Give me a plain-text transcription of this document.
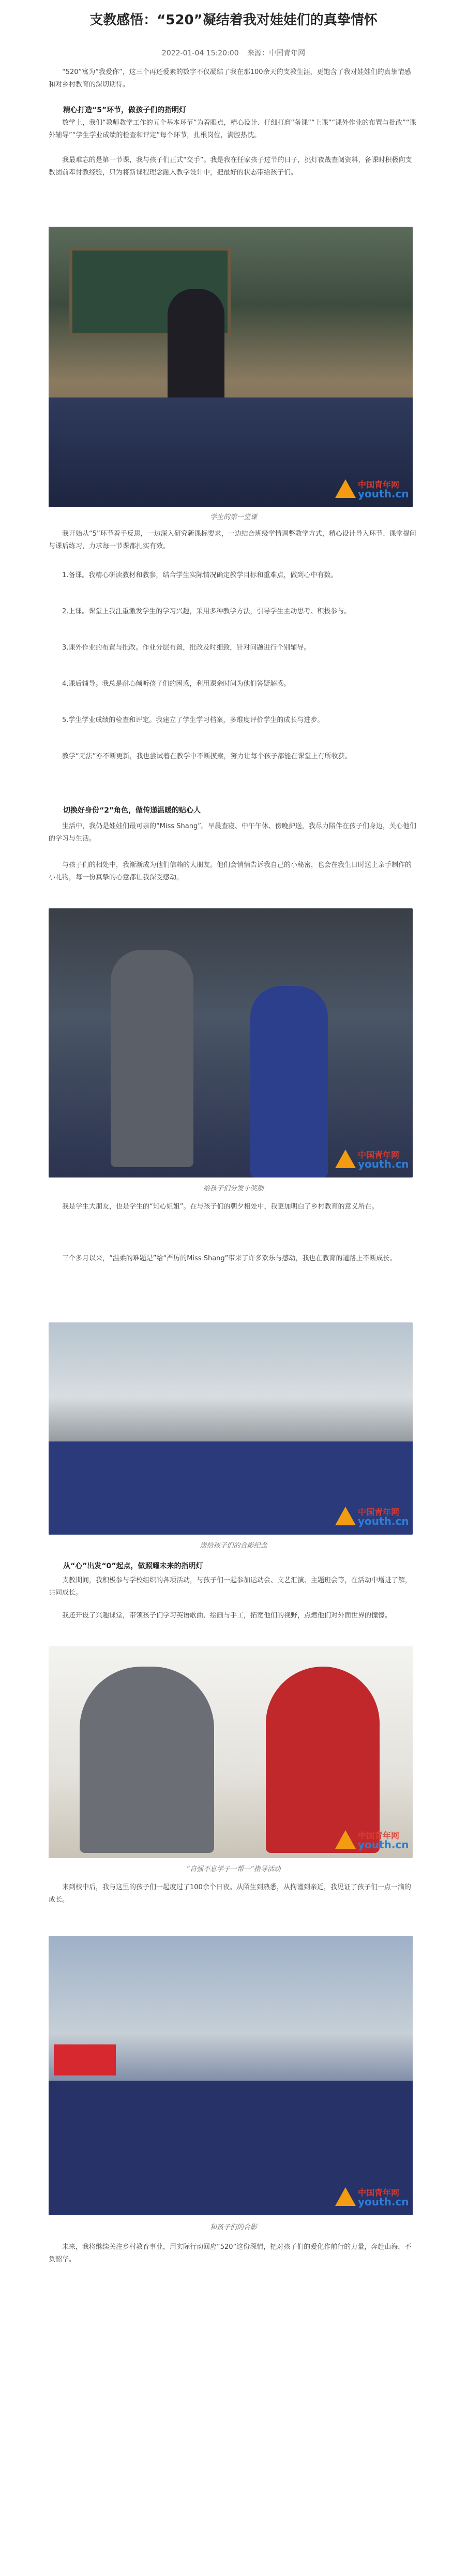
支教感悟：“520”凝结着我对娃娃们的真挚情怀
2022-01-04 15:20:00 来源：中国青年网
“520”寓为“我爱你”，这三个再还爱素的数字不仅凝结了我在那100余天的支教生涯，更饱含了我对娃娃们的真挚情感和对乡村教育的深切期待。
精心打造“5”环节，做孩子们的指明灯
数学上，我们“教师教学工作的五个基本环节”为着眼点，精心设计、仔细打磨“备课”“上课”“课外作业的布置与批改”“课外辅导”“学生学业成绩的检查和评定”每个环节，扎根岗位，满腔热忱。
我最难忘的是第一节课，我与孩子们正式“交手”。我是我在任家孩子过节的日子，挑灯夜战查阅资料，备课时积极向支教团前辈讨教经验，只为将新课程理念融入教学设计中，把最好的状态带给孩子们。
中国青年网
youth.cn
学生的第一堂课
我开始从“5”环节着手反思，一边深入研究新课标要求，一边结合班级学情调整教学方式，精心设计导入环节、课堂提问与课后练习，力求每一节课都扎实有效。
1.备课。我精心研读教材和教参，结合学生实际情况确定教学目标和重难点，做到心中有数。
2.上课。课堂上我注重激发学生的学习兴趣，采用多种教学方法，引导学生主动思考、积极参与。
3.课外作业的布置与批改。作业分层布置，批改及时细致，针对问题进行个别辅导。
4.课后辅导。我总是耐心倾听孩子们的困惑，利用课余时间为他们答疑解惑。
5.学生学业成绩的检查和评定。我建立了学生学习档案，多维度评价学生的成长与进步。
教学“无法”亦不断更新，我也尝试着在教学中不断摸索，努力让每个孩子都能在课堂上有所收获。
切换好身份“2”角色，做传递温暖的贴心人
生活中，我仍是娃娃们最可亲的“Miss Shang”。早晨查寝、中午午休、傍晚护送，我尽力陪伴在孩子们身边，关心他们的学习与生活。
与孩子们的相处中，我渐渐成为他们信赖的大朋友。他们会悄悄告诉我自己的小秘密，也会在我生日时送上亲手制作的小礼物，每一份真挚的心意都让我深受感动。
中国青年网
youth.cn
给孩子们分发小奖励
我是学生大朋友，也是学生的“知心姐姐”。在与孩子们的朝夕相处中，我更加明白了乡村教育的意义所在。
三个多月以来，“温柔的难题是”给“严厉的Miss Shang”带来了许多欢乐与感动，我也在教育的道路上不断成长。
中国青年网
youth.cn
送给孩子们的合影纪念
从“心”出发“0”起点，做照耀未来的指明灯
支教期间，我积极参与学校组织的各项活动，与孩子们一起参加运动会、文艺汇演、主题班会等，在活动中增进了解，共同成长。
我还开设了兴趣课堂，带领孩子们学习英语歌曲、绘画与手工，拓宽他们的视野，点燃他们对外面世界的憧憬。
中国青年网
youth.cn
“自强不息学子一帮一”指导活动
来到校中后，我与这里的孩子们一起度过了100余个日夜。从陌生到熟悉，从拘谨到亲近，我见证了孩子们一点一滴的成长。
中国青年网
youth.cn
和孩子们的合影
未来，我将继续关注乡村教育事业，用实际行动回应“520”这份深情，把对孩子们的爱化作前行的力量，奔赴山海，不负韶华。
